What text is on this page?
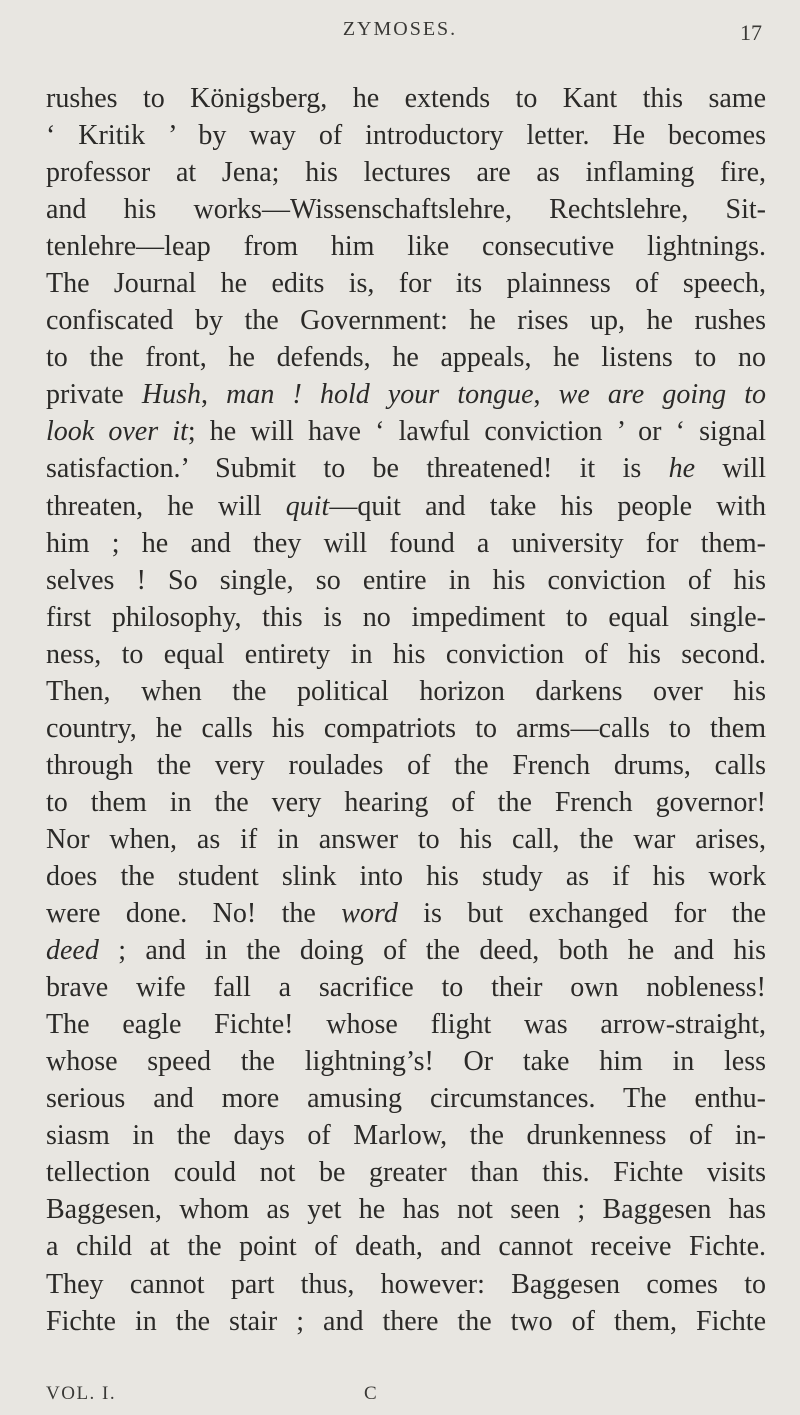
ZYMOSES.	17
rushes to Königsberg, he extends to Kant this same
‘ Kritik ’ by way of introductory letter. He becomes
professor at Jena; his lectures are as inflaming fire,
and his works—Wissenschaftslehre, Rechtslehre, Sit-
tenlehre—leap from him like consecutive lightnings.
The Journal he edits is, for its plainness of speech,
confiscated by the Government: he rises up, he rushes
to the front, he defends, he appeals, he listens to no
private Hush, man ! hold your tongue, we are going to
look over it; he will have ‘ lawful conviction ’ or ‘ signal
satisfaction.’ Submit to be threatened! it is he will
threaten, he will quit—quit and take his people with
him ; he and they will found a university for them-
selves ! So single, so entire in his conviction of his
first philosophy, this is no impediment to equal single-
ness, to equal entirety in his conviction of his second.
Then, when the political horizon darkens over his
country, he calls his compatriots to arms—calls to them
through the very roulades of the French drums, calls
to them in the very hearing of the French governor!
Nor when, as if in answer to his call, the war arises,
does the student slink into his study as if his work
were done. No! the word is but exchanged for the
deed ; and in the doing of the deed, both he and his
brave wife fall a sacrifice to their own nobleness!
The eagle Fichte! whose flight was arrow-straight,
whose speed the lightning’s! Or take him in less
serious and more amusing circumstances. The enthu-
siasm in the days of Marlow, the drunkenness of in-
tellection could not be greater than this. Fichte visits
Baggesen, whom as yet he has not seen ; Baggesen has
a child at the point of death, and cannot receive Fichte.
They cannot part thus, however: Baggesen comes to
Fichte in the stair ; and there the two of them, Fichte
VOL. I.	C
